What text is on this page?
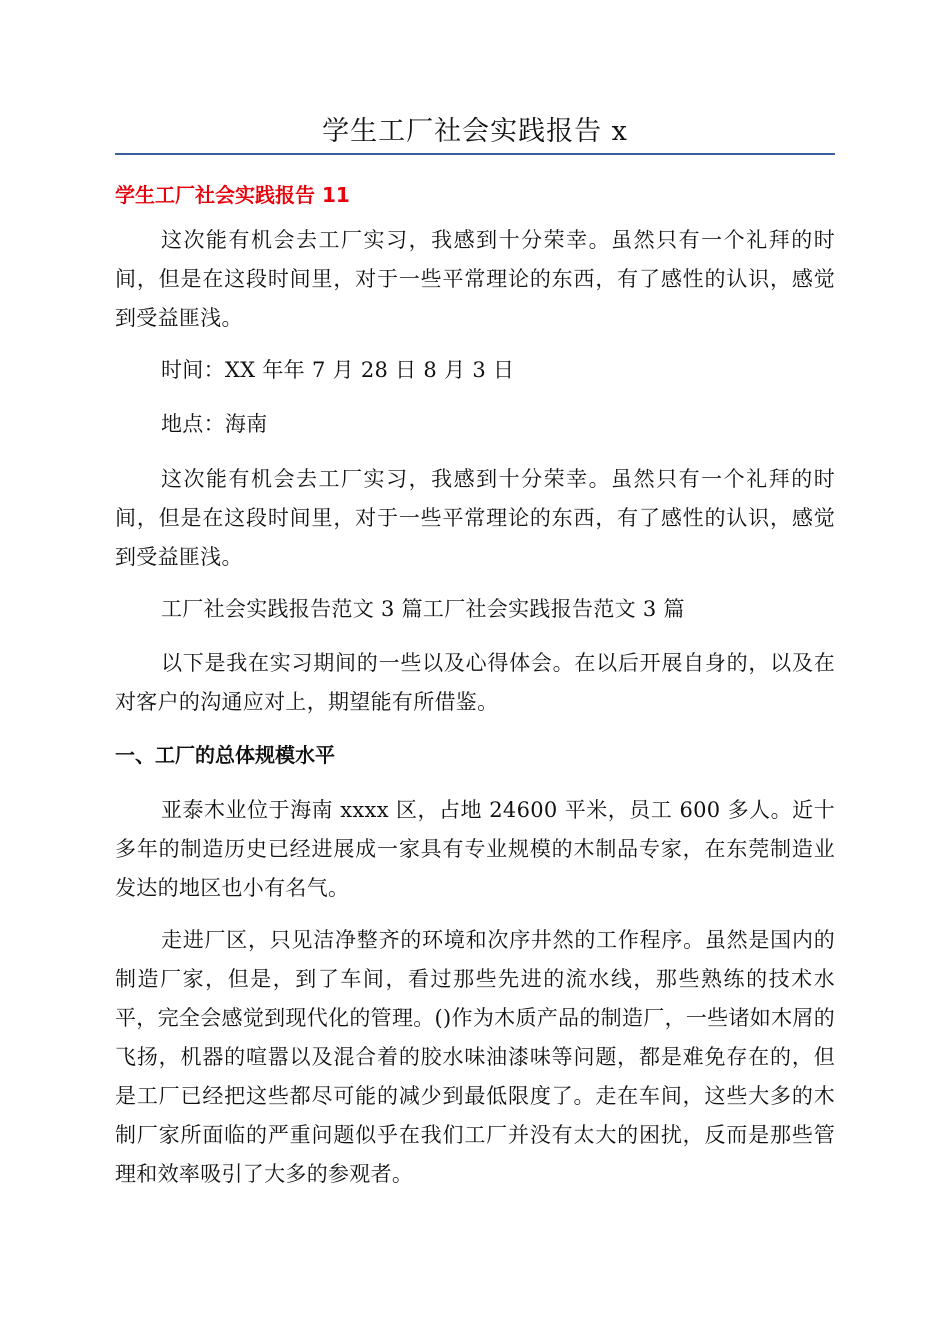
学生工厂社会实践报告 x
学生工厂社会实践报告 11

这次能有机会去工厂实习，我感到十分荣幸。虽然只有一个礼拜的时间，但是在这段时间里，对于一些平常理论的东西，有了感性的认识，感觉到受益匪浅。

时间：XX 年年 7 月 28 日 8 月 3 日

地点：海南

这次能有机会去工厂实习，我感到十分荣幸。虽然只有一个礼拜的时间，但是在这段时间里，对于一些平常理论的东西，有了感性的认识，感觉到受益匪浅。

工厂社会实践报告范文 3 篇工厂社会实践报告范文 3 篇

以下是我在实习期间的一些以及心得体会。在以后开展自身的，以及在对客户的沟通应对上，期望能有所借鉴。

一、工厂的总体规模水平

亚泰木业位于海南 xxxx 区，占地 24600 平米，员工 600 多人。近十多年的制造历史已经进展成一家具有专业规模的木制品专家，在东莞制造业发达的地区也小有名气。

走进厂区，只见洁净整齐的环境和次序井然的工作程序。虽然是国内的制造厂家，但是，到了车间，看过那些先进的流水线，那些熟练的技术水平，完全会感觉到现代化的管理。()作为木质产品的制造厂，一些诸如木屑的飞扬，机器的喧嚣以及混合着的胶水味油漆味等问题，都是难免存在的，但是工厂已经把这些都尽可能的减少到最低限度了。走在车间，这些大多的木制厂家所面临的严重问题似乎在我们工厂并没有太大的困扰，反而是那些管理和效率吸引了大多的参观者。
